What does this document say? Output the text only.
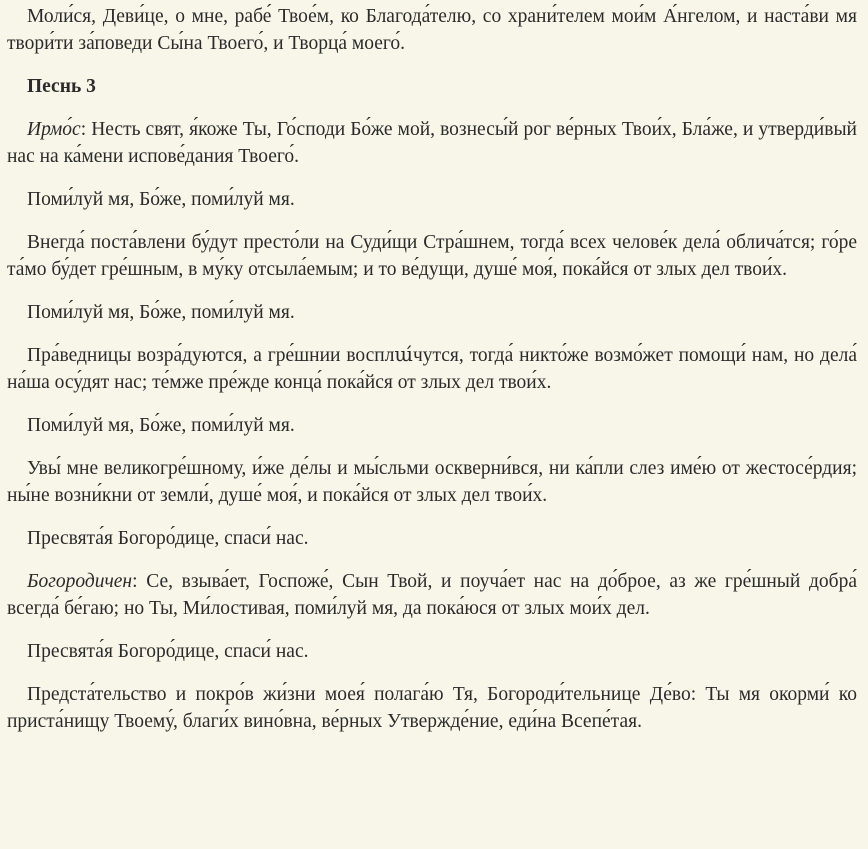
Моли́ся, Деви́це, о мне, рабе́ Твое́м, ко Благода́телю, со храни́телем мои́м А́нгелом, и наста́ви мя твори́ти за́поведи Сы́на Твоего́, и Творца́ моего́.

Песнь 3

Ирмо́с: Несть свят, я́коже Ты, Го́споди Бо́же мой, вознесы́й рог ве́рных Твои́х, Бла́же, и утверди́вый нас на ка́мени испове́дания Твоего́.

Поми́луй мя, Бо́же, поми́луй мя.

Внегда́ поста́влени бу́дут престо́ли на Суди́щи Стра́шнем, тогда́ всех челове́к дела́ облича́тся; го́ре та́мо бу́дет гре́шным, в му́ку отсыла́емым; и то ве́дущи, душе́ моя́, пока́йся от злых дел твои́х.

Поми́луй мя, Бо́же, поми́луй мя.

Пра́ведницы возра́дуются, а гре́шнии восплա́чутся, тогда́ никто́же возмо́жет помощи́ нам, но дела́ на́ша осу́дят нас; те́мже пре́жде конца́ пока́йся от злых дел твои́х.

Поми́луй мя, Бо́же, поми́луй мя.

Увы́ мне великогре́шному, и́же де́лы и мы́сльми оскверни́вся, ни ка́пли слез име́ю от жестосе́рдия; ны́не возни́кни от земли́, душе́ моя́, и пока́йся от злых дел твои́х.

Пресвята́я Богоро́дице, спаси́ нас.

Богородичен: Се, взыва́ет, Госпоже́, Сын Твой, и поуча́ет нас на до́брое, аз же гре́шный добра́ всегда́ бе́гаю; но Ты, Ми́лостивая, поми́луй мя, да пока́юся от злых мои́х дел.

Пресвята́я Богоро́дице, спаси́ нас.

Предста́тельство и покро́в жи́зни моея́ полага́ю Тя, Богороди́тельнице Де́во: Ты мя окорми́ ко приста́нищу Твоему́, благи́х вино́вна, ве́рных Утвержде́ние, еди́на Всепе́тая.
